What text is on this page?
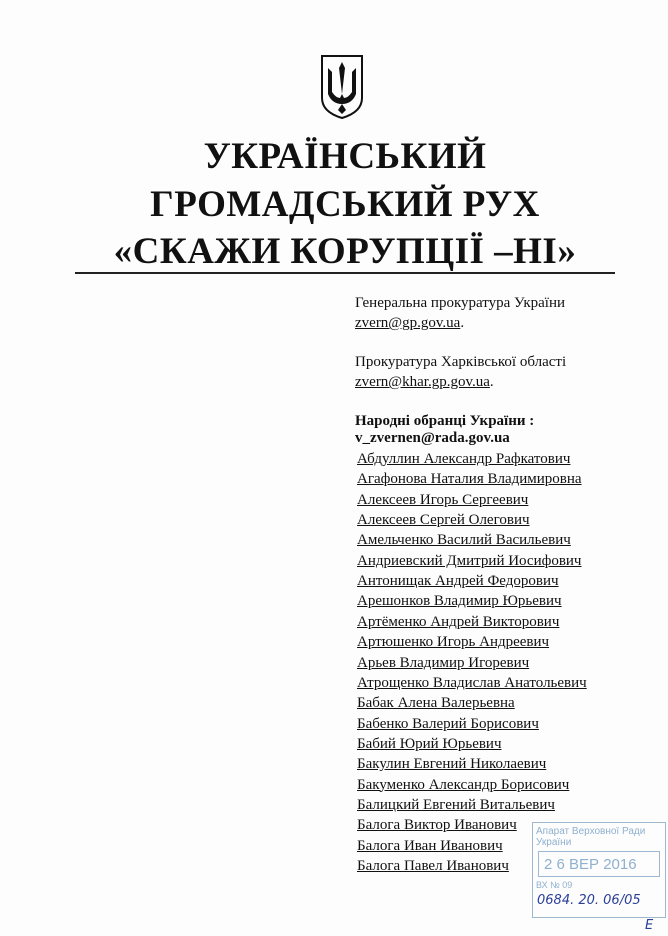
УКРАЇНСЬКИЙ
ГРОМАДСЬКИЙ РУХ
«СКАЖИ КОРУПЦІЇ –НІ»
Генеральна прокуратура України
zvern@gp.gov.ua.
Прокуратура Харківської області
zvern@khar.gp.gov.ua.
Народні обранці України :
v_zvernen@rada.gov.ua
Абдуллин Александр Рафкатович
Агафонова Наталия Владимировна
Алексеев Игорь Сергеевич
Алексеев Сергей Олегович
Амельченко Василий Васильевич
Андриевский Дмитрий Иосифович
Антонищак Андрей Федорович
Арешонков Владимир Юрьевич
Артёменко Андрей Викторович
Артюшенко Игорь Андреевич
Арьев Владимир Игоревич
Атрощенко Владислав Анатольевич
Бабак Алена Валерьевна
Бабенко Валерий Борисович
Бабий Юрий Юрьевич
Бакулин Евгений Николаевич
Бакуменко Александр Борисович
Балицкий Евгений Витальевич
Балога Виктор Иванович
Балога Иван Иванович
Балога Павел Иванович
Апарат Верховної Ради України
2 6 ВЕР 2016
ВХ № 09
0684. 20. 06/05
Е
